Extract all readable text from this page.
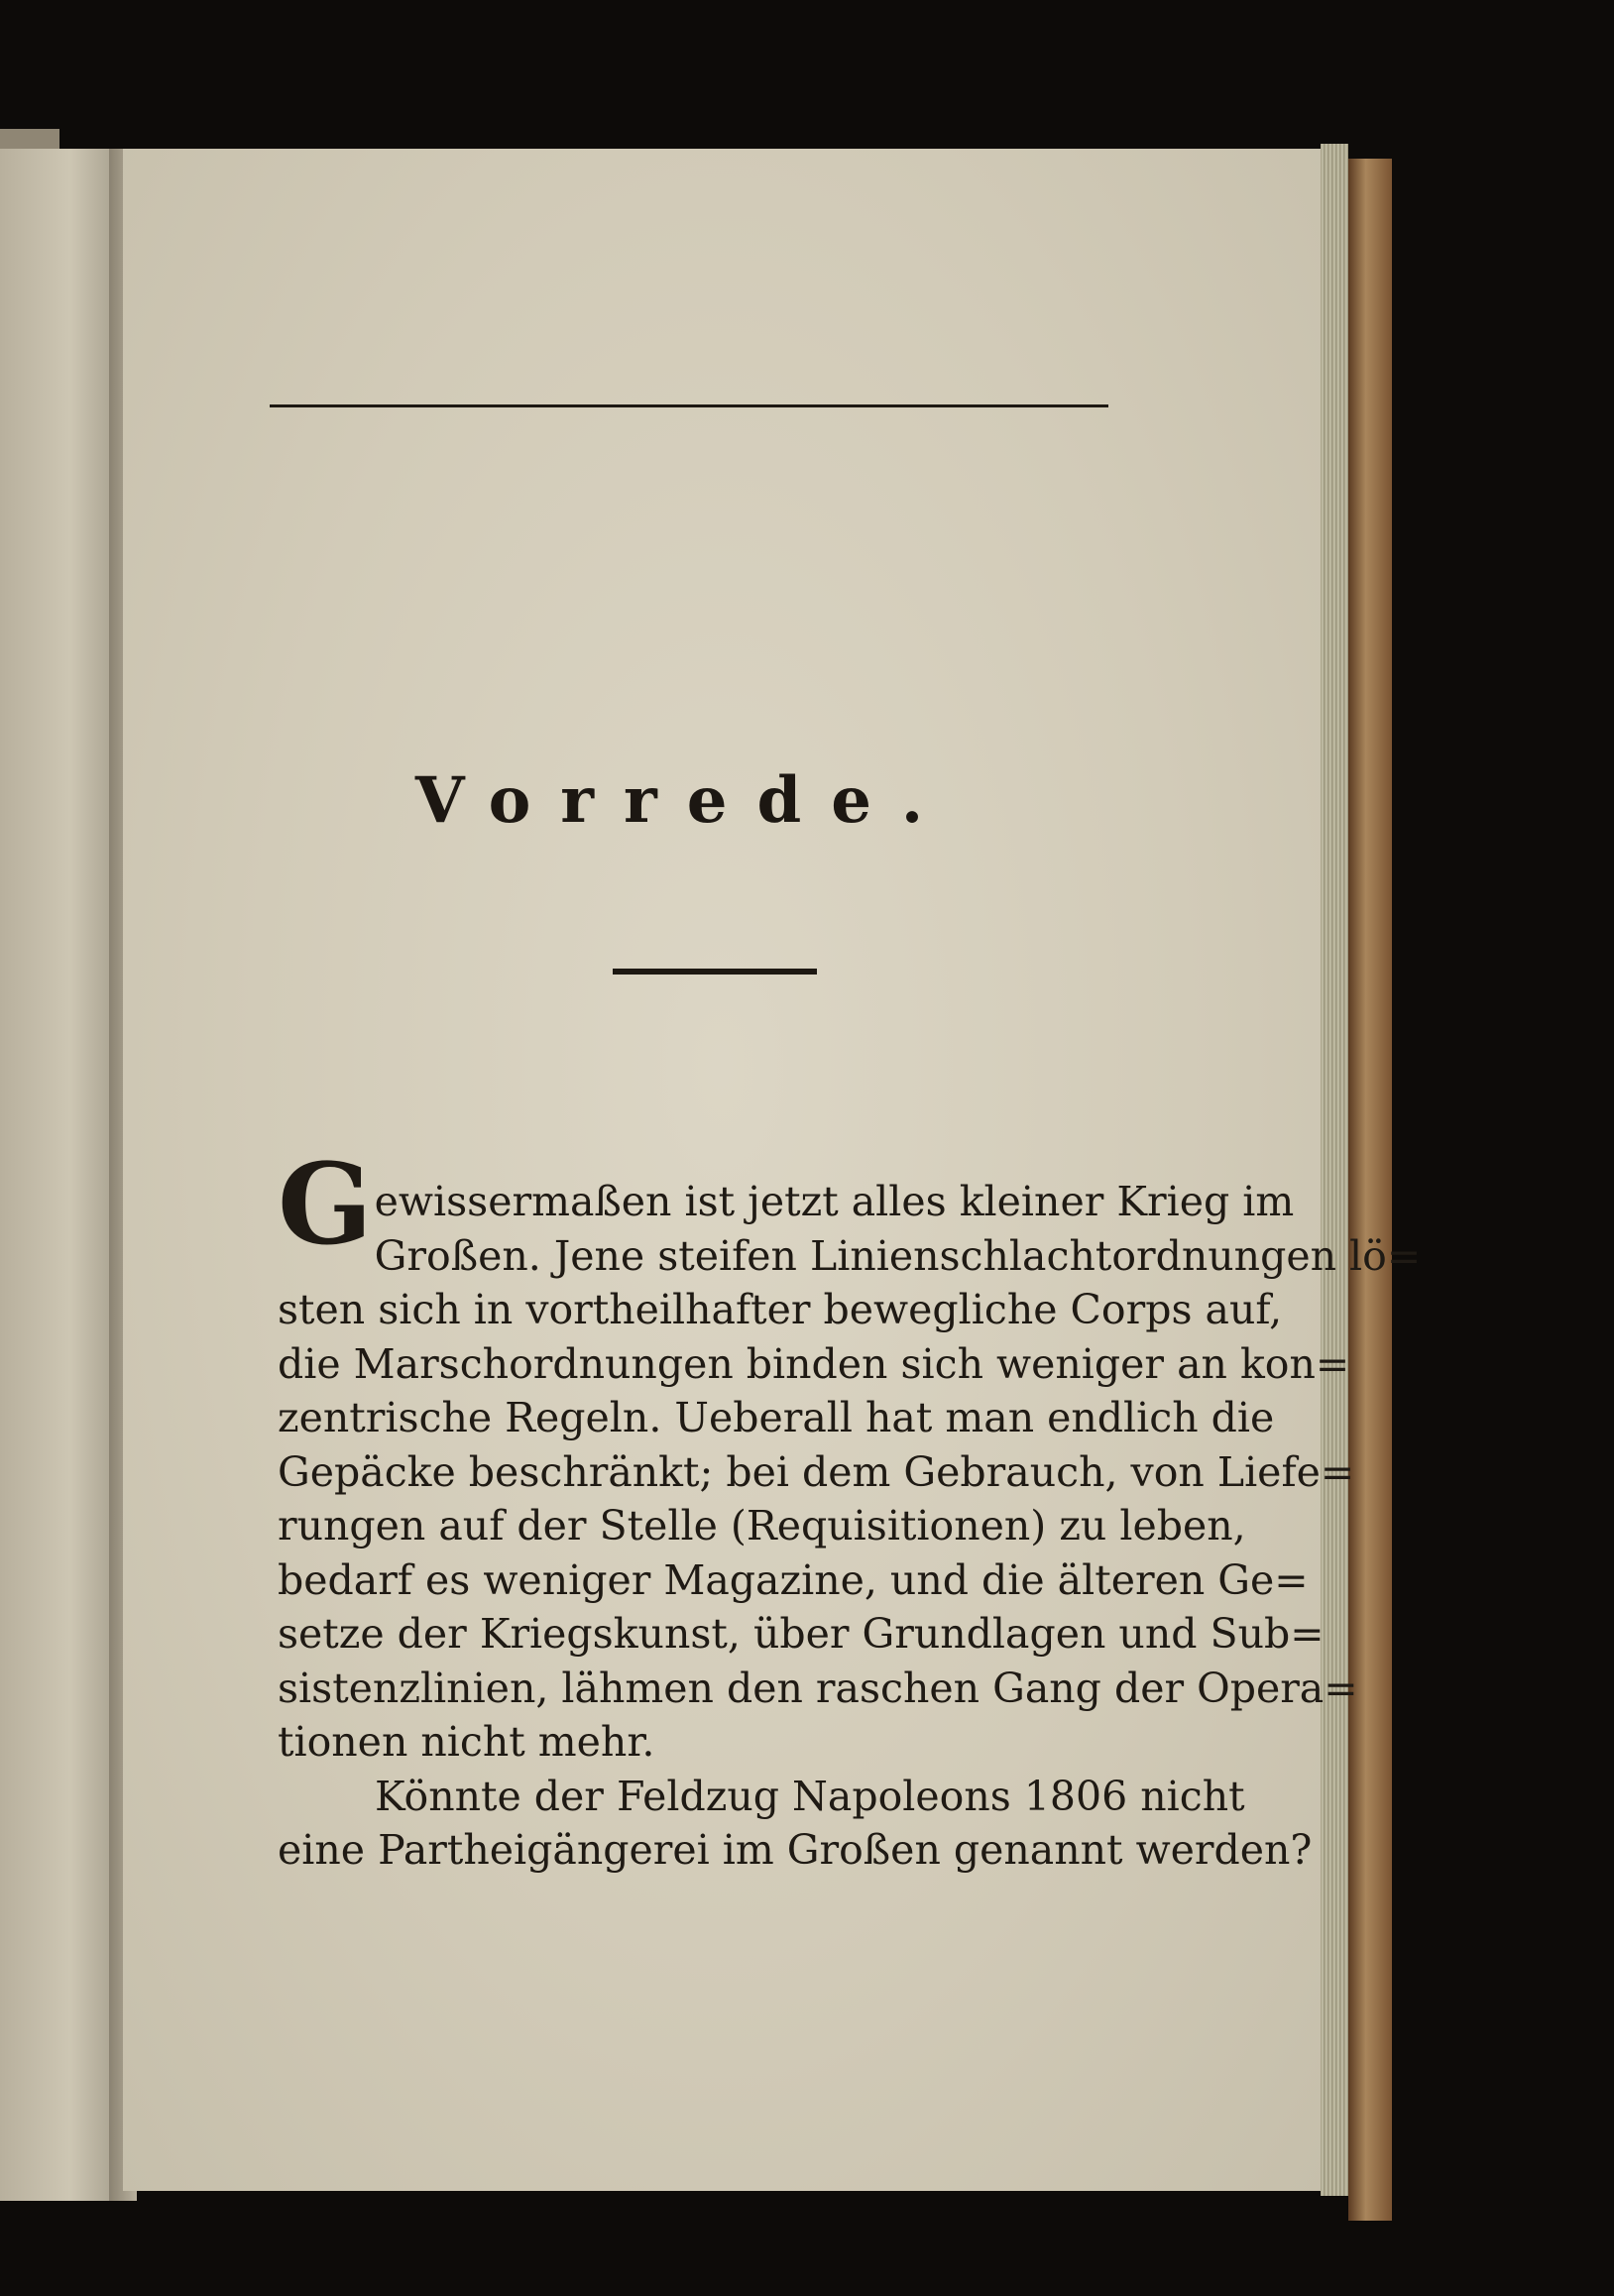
Vorrede.
Gewissermaßen ist jetzt alles kleiner Krieg im
Großen. Jene steifen Linienschlachtordnungen lö=
sten sich in vortheilhafter bewegliche Corps auf,
die Marschordnungen binden sich weniger an kon=
zentrische Regeln. Ueberall hat man endlich die
Gepäcke beschränkt; bei dem Gebrauch, von Liefe=
rungen auf der Stelle (Requisitionen) zu leben,
bedarf es weniger Magazine, und die älteren Ge=
setze der Kriegskunst, über Grundlagen und Sub=
sistenzlinien, lähmen den raschen Gang der Opera=
tionen nicht mehr.
Könnte der Feldzug Napoleons 1806 nicht
eine Partheigängerei im Großen genannt werden?
